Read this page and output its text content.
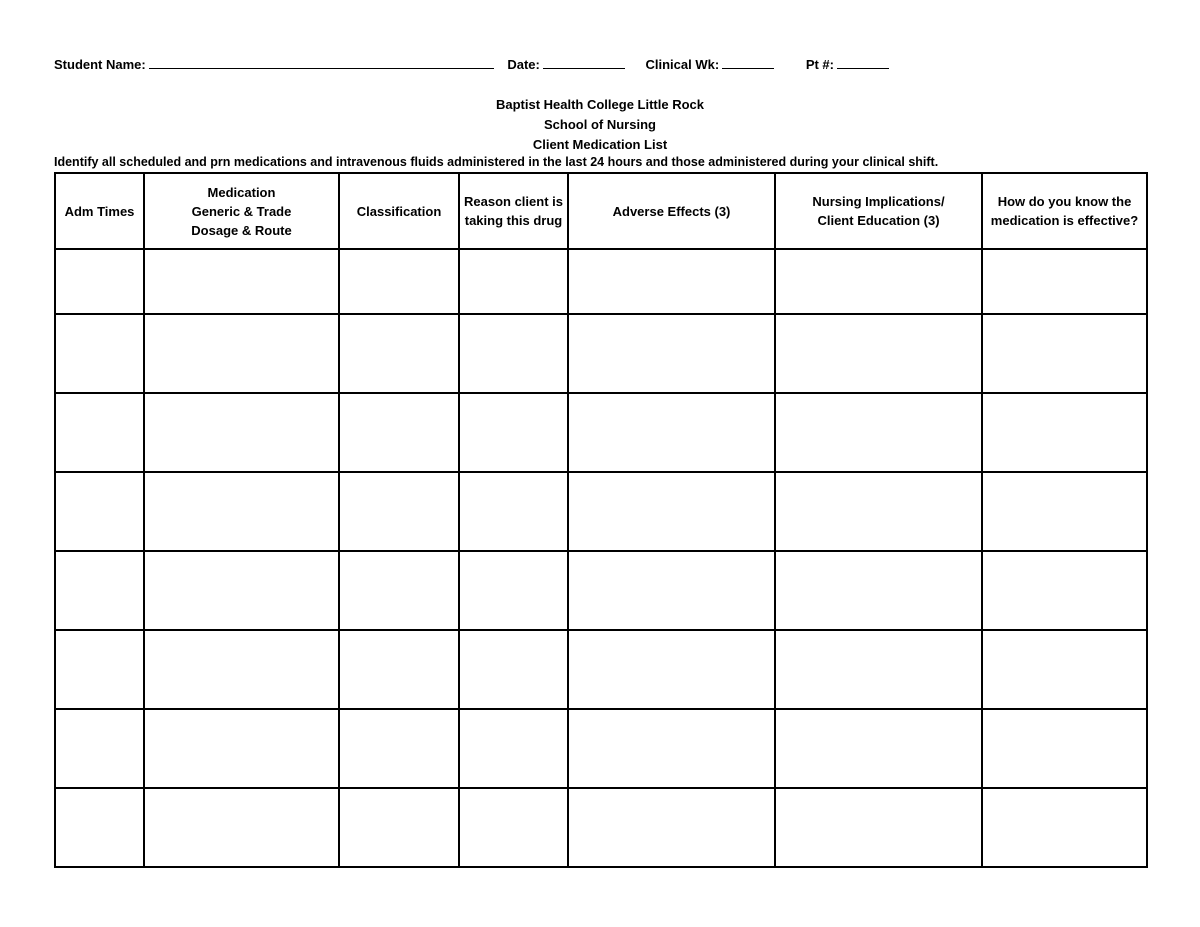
Student Name:	Date:	Clinical Wk:	Pt #:
Baptist Health College Little Rock
School of Nursing
Client Medication List
Identify all scheduled and prn medications and intravenous fluids administered in the last 24 hours and those administered during your clinical shift.
Adm Times	Medication
Generic & Trade
Dosage & Route	Classification	Reason client is
taking this drug	Adverse Effects (3)	Nursing Implications/
Client Education (3)	How do you know the
medication is effective?
